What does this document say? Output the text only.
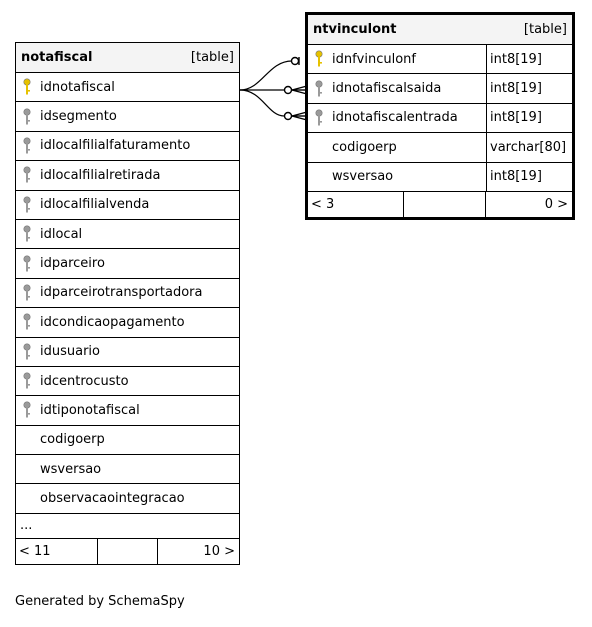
notafiscal	[table]
idnotafiscal
idsegmento
idlocalfilialfaturamento
idlocalfilialretirada
idlocalfilialvenda
idlocal
idparceiro
idparceirotransportadora
idcondicaopagamento
idusuario
idcentrocusto
idtiponotafiscal
codigoerp
wsversao
observacaointegracao
...
< 11	10 >
ntvinculont	[table]
idnfvinculonf	int8[19]
idnotafiscalsaida	int8[19]
idnotafiscalentrada	int8[19]
codigoerp	varchar[80]
wsversao	int8[19]
< 3	0 >
Generated by SchemaSpy
